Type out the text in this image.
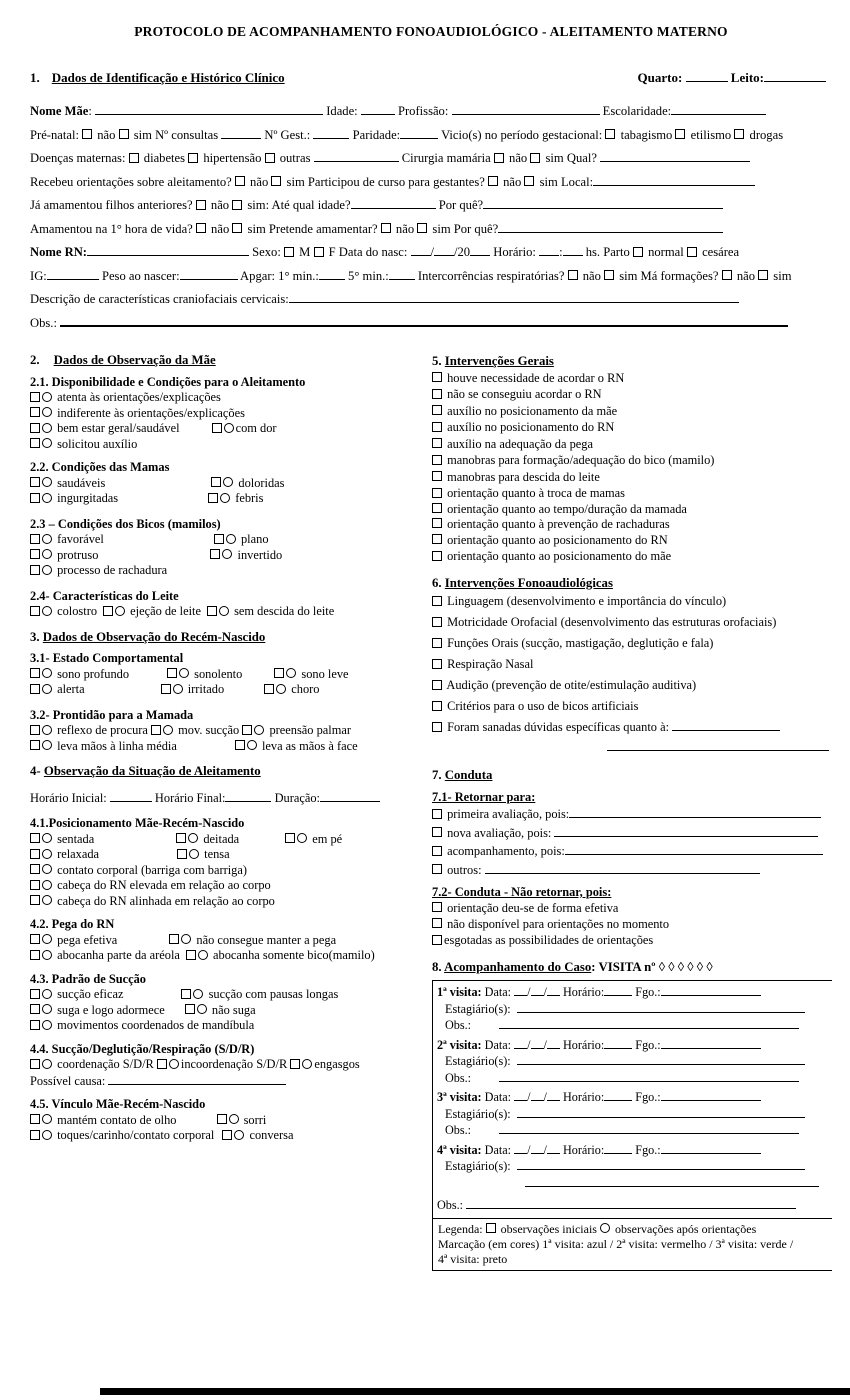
PROTOCOLO DE ACOMPANHAMENTO FONOAUDIOLÓGICO - ALEITAMENTO MATERNO
1. Dados de Identificação e Histórico Clínico	Quarto:	Leito:
Nome Mãe:	Idade:	Profissão:	Escolaridade:
Pré-natal:  não  sim Nº consultas	Nº Gest.:	Paridade:	Vicio(s) no período gestacional:  tabagismo  etilismo  drogas
Doenças maternas:  diabetes  hipertensão  outras	Cirurgia mamária  não  sim Qual?
Recebeu orientações sobre aleitamento?  não  sim Participou de curso para gestantes?  não  sim Local:
Já amamentou filhos anteriores?  não  sim: Até qual idade?	Por quê?
Amamentou na 1° hora de vida?  não  sim Pretende amamentar?  não  sim Por quê?
Nome RN:	Sexo:  M  F Data do nasc: / /20 Horário: : hs. Parto  normal  cesárea
IG:	Peso ao nascer:	Apgar: 1° min.: 5° min.: Intercorrências respiratórias?  não  sim Má formações?  não  sim
Descrição de características craniofaciais cervicais:
Obs.:
2. Dados de Observação da Mãe
2.1. Disponibilidade e Condições para o Aleitamento
atenta às orientações/explicações
indiferente às orientações/explicações
bem estar geral/saudável	com dor
solicitou auxílio
2.2. Condições das Mamas
saudáveis	doloridas
ingurgitadas	febris
2.3 – Condições dos Bicos (mamilos)
favorável	plano
protruso	invertido
processo de rachadura
2.4- Características do Leite
colostro ejeção de leite sem descida do leite
3. Dados de Observação do Recém-Nascido
3.1- Estado Comportamental
sono profundo	sonolento	sono leve
alerta	irritado	choro
3.2- Prontidão para a Mamada
reflexo de procura  mov. sucção  preensão palmar
leva mãos à linha média	leva as mãos à face
4- Observação da Situação de Aleitamento
Horário Inicial:	Horário Final:	Duração:
4.1.Posicionamento Mãe-Recém-Nascido
sentada	deitada	em pé
relaxada	tensa
contato corporal (barriga com barriga)
cabeça do RN elevada em relação ao corpo
cabeça do RN alinhada em relação ao corpo
4.2. Pega do RN
pega efetiva	não consegue manter a pega
abocanha parte da aréola abocanha somente bico(mamilo)
4.3. Padrão de Sucção
sucção eficaz	sucção com pausas longas
suga e logo adormece	não suga
movimentos coordenados de mandíbula
4.4. Sucção/Deglutição/Respiração (S/D/R)
coordenação S/D/R incoordenação S/D/R engasgos
Possível causa:
4.5. Vínculo Mãe-Recém-Nascido
mantém contato de olho	sorri
toques/carinho/contato corporal	conversa
5. Intervenções Gerais
houve necessidade de acordar o RN
não se conseguiu acordar o RN
auxílio no posicionamento da mãe
auxílio no posicionamento do RN
auxílio na adequação da pega
manobras para formação/adequação do bico (mamilo)
manobras para descida do leite
orientação quanto à troca de mamas
orientação quanto ao tempo/duração da mamada
orientação quanto à prevenção de rachaduras
orientação quanto ao posicionamento do RN
orientação quanto ao posicionamento do mãe
6. Intervenções Fonoaudiológicas
Linguagem (desenvolvimento e importância do vínculo)
Motricidade Orofacial (desenvolvimento das estruturas orofaciais)
Funções Orais (sucção, mastigação, deglutição e fala)
Respiração Nasal
Audição (prevenção de otite/estimulação auditiva)
Critérios para o uso de bicos artificiais
Foram sanadas dúvidas específicas quanto à:
7. Conduta
7.1- Retornar para:
primeira avaliação, pois:
nova avaliação, pois:
acompanhamento, pois:
outros:
7.2- Conduta - Não retornar, pois:
orientação deu-se de forma efetiva
não disponível para orientações no momento
esgotadas as possibilidades de orientações
8. Acompanhamento do Caso: VISITA nº ◊ ◊ ◊ ◊ ◊ ◊
1ª visita: Data: / / Horário: Fgo.:
Estagiário(s):
Obs.:
2ª visita: Data: / / Horário: Fgo.:
Estagiário(s):
Obs.:
3ª visita: Data: / / Horário: Fgo.:
Estagiário(s):
Obs.:
4ª visita: Data: / / Horário: Fgo.:
Estagiário(s):
Obs.:
Legenda:  observações iniciais  observações após orientações
Marcação (em cores) 1ª visita: azul / 2ª visita: vermelho / 3ª visita: verde /
4ª visita: preto
